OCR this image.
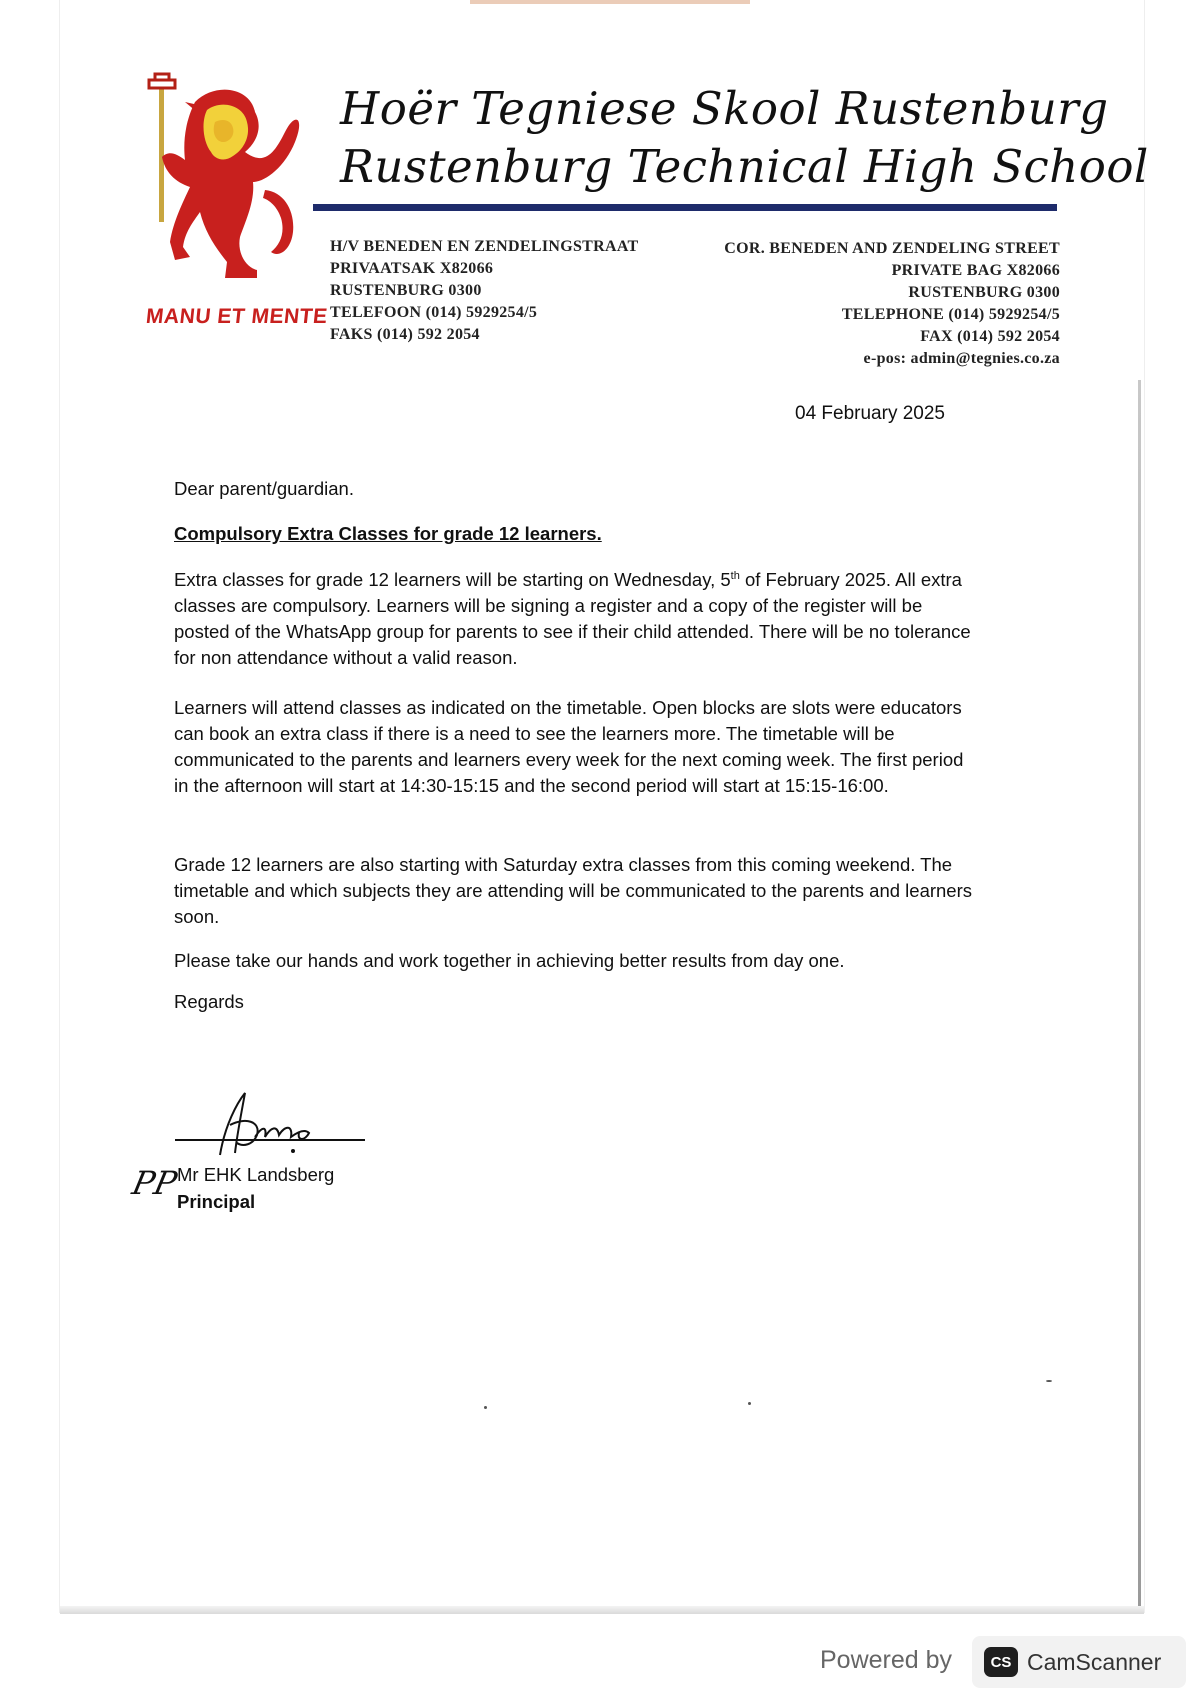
MANU ET MENTE
Hoër Tegniese Skool Rustenburg
Rustenburg Technical High School
H/V BENEDEN EN ZENDELINGSTRAAT
PRIVAATSAK X82066
RUSTENBURG 0300
TELEFOON (014) 5929254/5
FAKS (014) 592 2054
COR. BENEDEN AND ZENDELING STREET
PRIVATE BAG X82066
RUSTENBURG 0300
TELEPHONE (014) 5929254/5
FAX (014) 592 2054
e-pos: admin@tegnies.co.za
04 February 2025
Dear parent/guardian.
Compulsory Extra Classes for grade 12 learners.
Extra classes for grade 12 learners will be starting on Wednesday, 5th of February 2025. All extra classes are compulsory. Learners will be signing a register and a copy of the register will be posted of the WhatsApp group for parents to see if their child attended. There will be no tolerance for non attendance without a valid reason.
Learners will attend classes as indicated on the timetable. Open blocks are slots were educators can book an extra class if there is a need to see the learners more. The timetable will be communicated to the parents and learners every week for the next coming week. The first period in the afternoon will start at 14:30-15:15 and the second period will start at 15:15-16:00.
Grade 12 learners are also starting with Saturday extra classes from this coming weekend. The timetable and which subjects they are attending will be communicated to the parents and learners soon.
Please take our hands and work together in achieving better results from day one.
Regards
PP
Mr EHK Landsberg
Principal
Powered by	CS CamScanner
